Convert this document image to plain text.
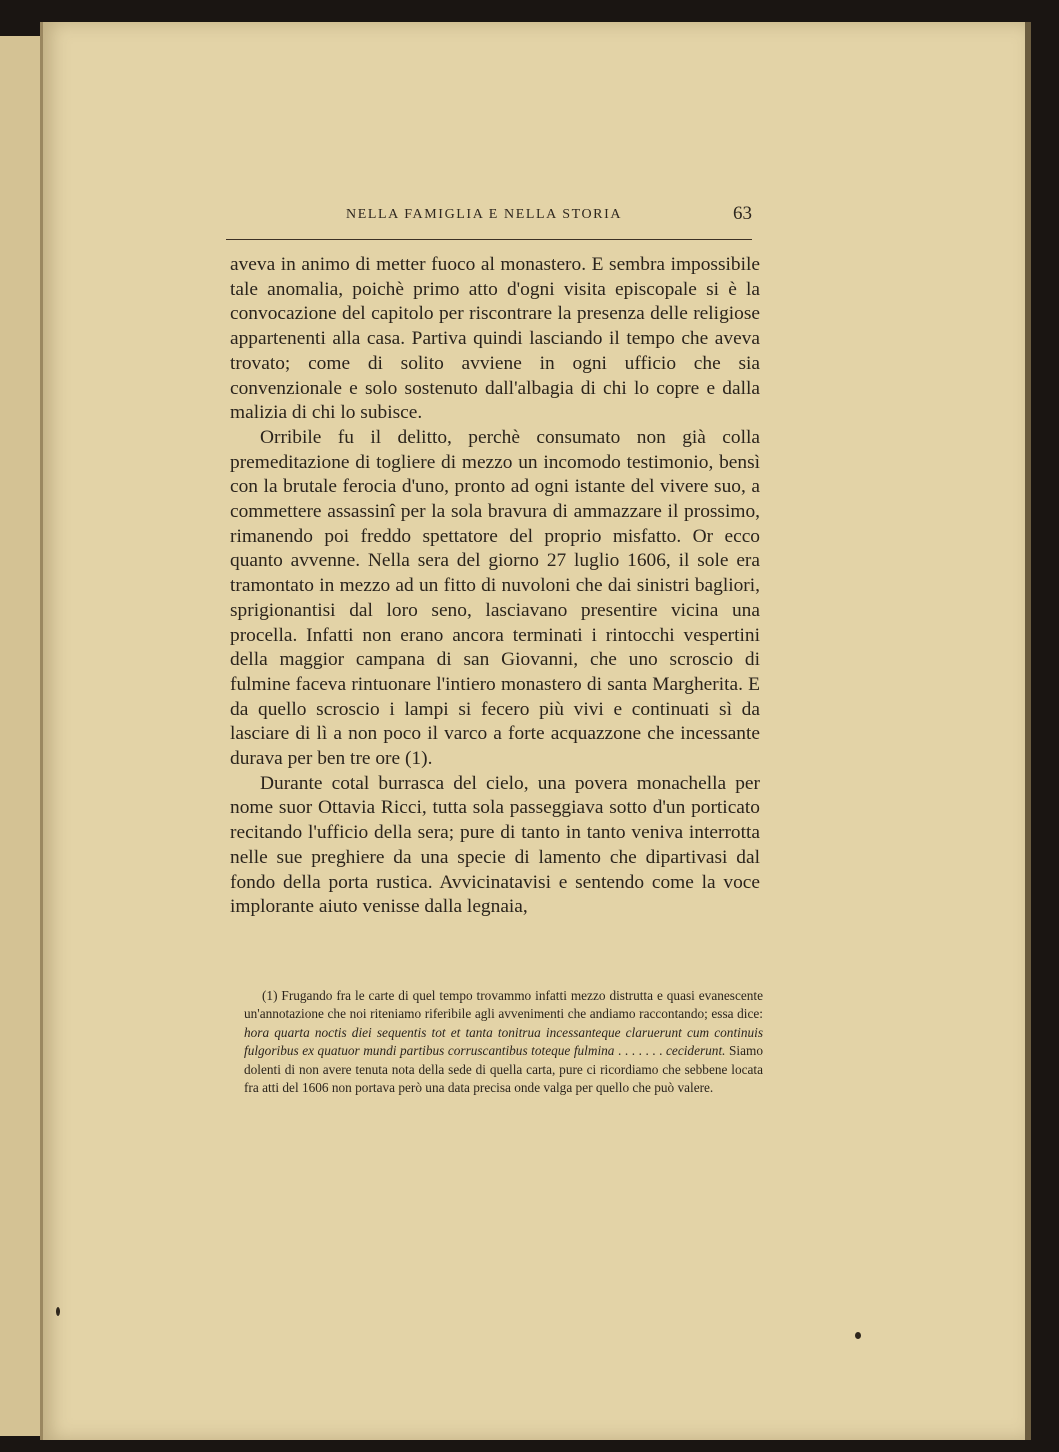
NELLA FAMIGLIA E NELLA STORIA	63

aveva in animo di metter fuoco al monastero. E sembra impossibile tale anomalia, poichè primo atto d'ogni visita episcopale si è la convocazione del capitolo per riscontrare la presenza delle religiose appartenenti alla casa. Partiva quindi lasciando il tempo che aveva trovato; come di solito avviene in ogni ufficio che sia convenzionale e solo sostenuto dall'albagia di chi lo copre e dalla malizia di chi lo subisce.

Orribile fu il delitto, perchè consumato non già colla premeditazione di togliere di mezzo un incomodo testimonio, bensì con la brutale ferocia d'uno, pronto ad ogni istante del vivere suo, a commettere assassinî per la sola bravura di ammazzare il prossimo, rimanendo poi freddo spettatore del proprio misfatto. Or ecco quanto avvenne. Nella sera del giorno 27 luglio 1606, il sole era tramontato in mezzo ad un fitto di nuvoloni che dai sinistri bagliori, sprigionantisi dal loro seno, lasciavano presentire vicina una procella. Infatti non erano ancora terminati i rintocchi vespertini della maggior campana di san Giovanni, che uno scroscio di fulmine faceva rintuonare l'intiero monastero di santa Margherita. E da quello scroscio i lampi si fecero più vivi e continuati sì da lasciare di lì a non poco il varco a forte acquazzone che incessante durava per ben tre ore (1).

Durante cotal burrasca del cielo, una povera monachella per nome suor Ottavia Ricci, tutta sola passeggiava sotto d'un porticato recitando l'ufficio della sera; pure di tanto in tanto veniva interrotta nelle sue preghiere da una specie di lamento che dipartivasi dal fondo della porta rustica. Avvicinatavisi e sentendo come la voce implorante aiuto venisse dalla legnaia,

(1) Frugando fra le carte di quel tempo trovammo infatti mezzo distrutta e quasi evanescente un'annotazione che noi riteniamo riferibile agli avvenimenti che andiamo raccontando; essa dice: hora quarta noctis diei sequentis tot et tanta tonitrua incessanteque claruerunt cum continuis fulgoribus ex quatuor mundi partibus corruscantibus toteque fulmina . . . . . . . ceciderunt. Siamo dolenti di non avere tenuta nota della sede di quella carta, pure ci ricordiamo che sebbene locata fra atti del 1606 non portava però una data precisa onde valga per quello che può valere.
